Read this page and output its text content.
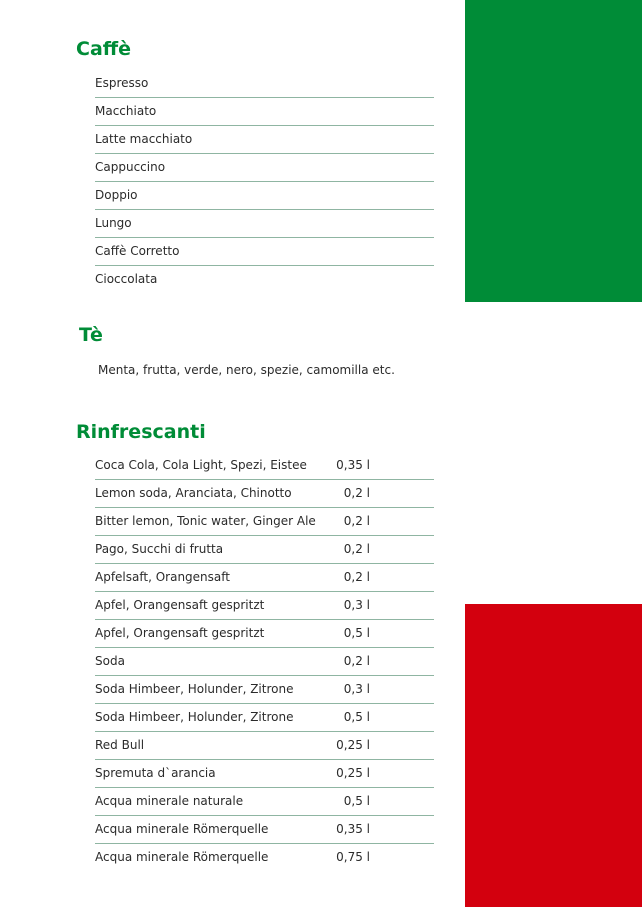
Caffè
Espresso
Macchiato
Latte macchiato
Cappuccino
Doppio
Lungo
Caffè Corretto
Cioccolata
Tè

Menta, frutta, verde, nero, spezie, camomilla etc.

Rinfrescanti
Coca Cola, Cola Light, Spezi, Eistee 0,35 l
Lemon soda, Aranciata, Chinotto	0,2 l
Bitter lemon, Tonic water, Ginger Ale 0,2 l
Pago, Succhi di frutta	0,2 l
Apfelsaft, Orangensaft	0,2 l
Apfel, Orangensaft gespritzt	0,3 l
Apfel, Orangensaft gespritzt	0,5 l
Soda	0,2 l
Soda Himbeer, Holunder, Zitrone	0,3 l
Soda Himbeer, Holunder, Zitrone	0,5 l
Red Bull	0,25 l
Spremuta d`arancia	0,25 l
Acqua minerale naturale	0,5 l
Acqua minerale Römerquelle	0,35 l
Acqua minerale Römerquelle	0,75 l
